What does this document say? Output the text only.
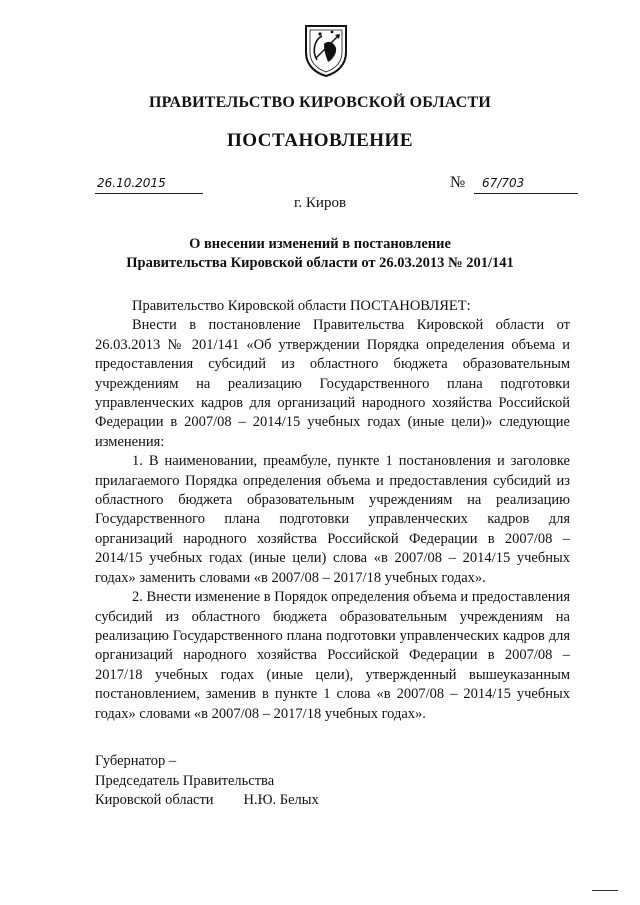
ПРАВИТЕЛЬСТВО КИРОВСКОЙ ОБЛАСТИ
ПОСТАНОВЛЕНИЕ
26.10.2015	№	67/703
г. Киров
О внесении изменений в постановление
Правительства Кировской области от 26.03.2013 № 201/141

Правительство Кировской области ПОСТАНОВЛЯЕТ:

Внести в постановление Правительства Кировской области от 26.03.2013 № 201/141 «Об утверждении Порядка определения объема и предоставления субсидий из областного бюджета образовательным учреждениям на реализацию Государственного плана подготовки управленческих кадров для организаций народного хозяйства Российской Федерации в 2007/08 – 2014/15 учебных годах (иные цели)» следующие изменения:

1. В наименовании, преамбуле, пункте 1 постановления и заголовке прилагаемого Порядка определения объема и предоставления субсидий из областного бюджета образовательным учреждениям на реализацию Государственного плана подготовки управленческих кадров для организаций народного хозяйства Российской Федерации в 2007/08 – 2014/15 учебных годах (иные цели) слова «в 2007/08 – 2014/15 учебных годах» заменить словами «в 2007/08 – 2017/18 учебных годах».

2. Внести изменение в Порядок определения объема и предоставления субсидий из областного бюджета образовательным учреждениям на реализацию Государственного плана подготовки управленческих кадров для организаций народного хозяйства Российской Федерации в 2007/08 – 2017/18 учебных годах (иные цели), утвержденный вышеуказанным постановлением, заменив в пункте 1 слова «в 2007/08 – 2014/15 учебных годах» словами «в 2007/08 – 2017/18 учебных годах».

Губернатор –
Председатель Правительства
Кировской области Н.Ю. Белых
